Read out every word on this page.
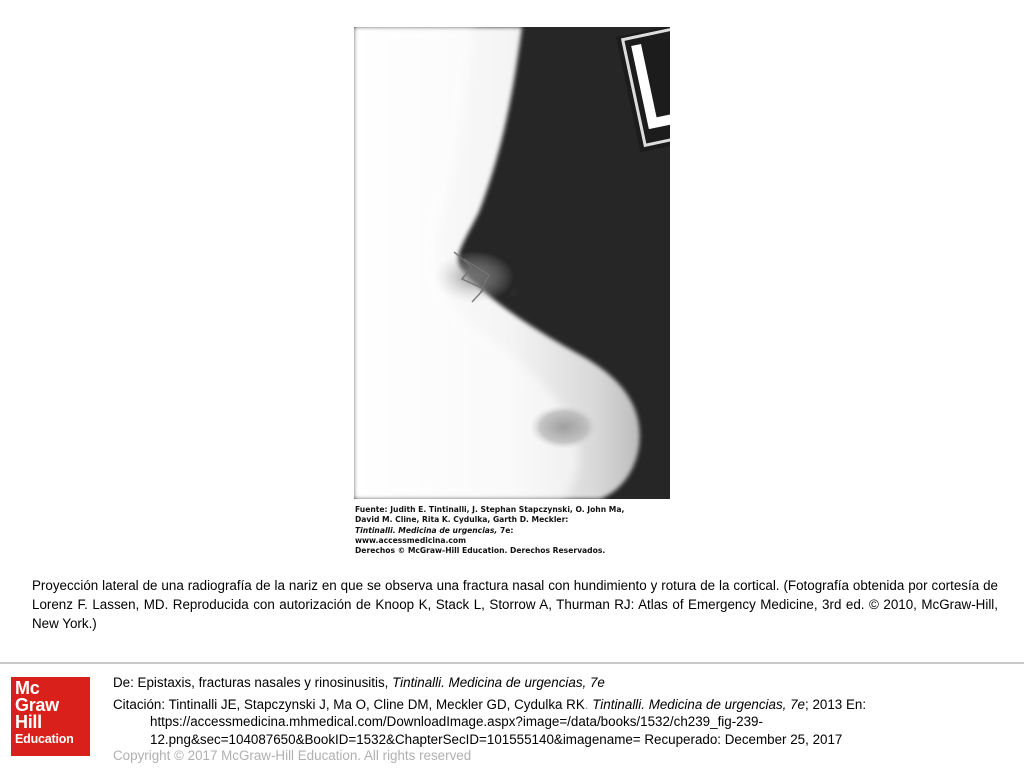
Fuente: Judith E. Tintinalli, J. Stephan Stapczynski, O. John Ma,
David M. Cline, Rita K. Cydulka, Garth D. Meckler:
Tintinalli. Medicina de urgencias, 7e:
www.accessmedicina.com
Derechos © McGraw-Hill Education. Derechos Reservados.
Proyección lateral de una radiografía de la nariz en que se observa una fractura nasal con hundimiento y rotura de la cortical. (Fotografía obtenida por cortesía de Lorenz F. Lassen, MD. Reproducida con autorización de Knoop K, Stack L, Storrow A, Thurman RJ: Atlas of Emergency Medicine, 3rd ed. © 2010, McGraw-Hill, New York.)
Mc
Graw
Hill
Education
De: Epistaxis, fracturas nasales y rinosinusitis, Tintinalli. Medicina de urgencias, 7e
Citación: Tintinalli JE, Stapczynski J, Ma O, Cline DM, Meckler GD, Cydulka RK. Tintinalli. Medicina de urgencias, 7e; 2013 En:
https://accessmedicina.mhmedical.com/DownloadImage.aspx?image=/data/books/1532/ch239_fig-239-
12.png&sec=104087650&BookID=1532&ChapterSecID=101555140&imagename= Recuperado: December 25, 2017
Copyright © 2017 McGraw-Hill Education. All rights reserved
